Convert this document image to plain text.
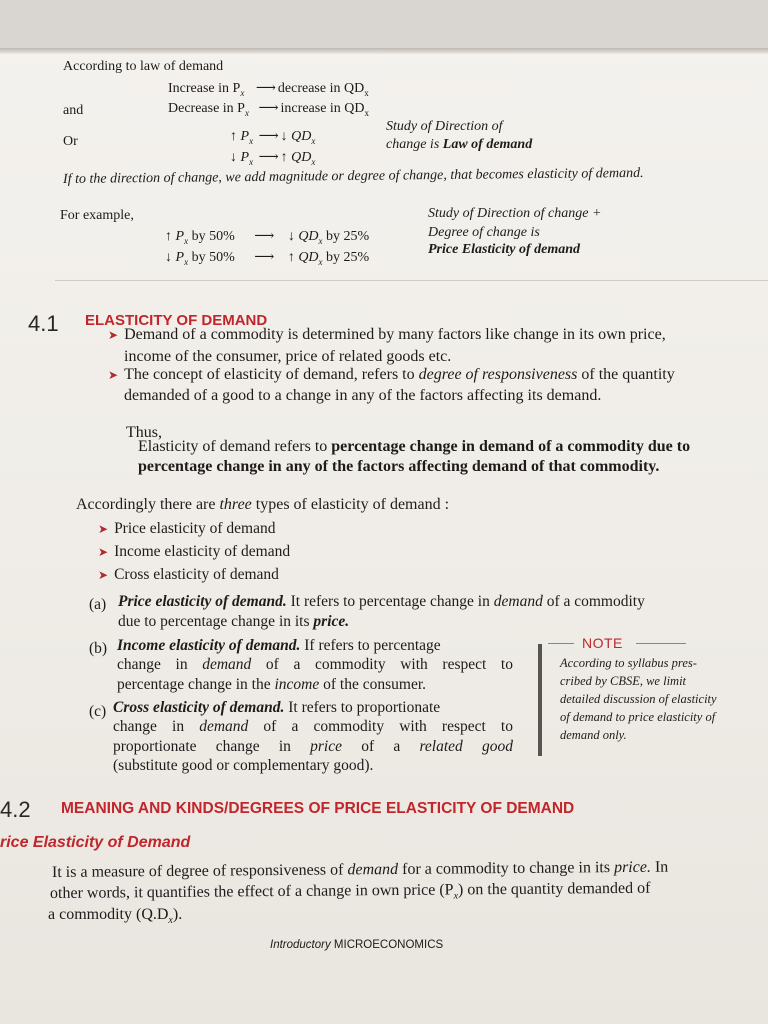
According to law of demand
Increase in $P_x$ ⟶ decrease in $QD_x$
and	Decrease in $P_x$ ⟶ increase in $QD_x$
Or	↑ $P_x$ ⟶ ↓ $QD_x$
↓ $P_x$ ⟶ ↑ $QD_x$
Study of Direction of
change is Law of demand
If to the direction of change, we add magnitude or degree of change, that becomes elasticity of demand.
For example,
↑ $P_x$ by 50% ⟶ ↓ $QD_x$ by 25%
↓ $P_x$ by 50% ⟶ ↑ $QD_x$ by 25%
Study of Direction of change +
Degree of change is
Price Elasticity of demand
4.1 ELASTICITY OF DEMAND
➤ Demand of a commodity is determined by many factors like change in its own price,
income of the consumer, price of related goods etc.
➤ The concept of elasticity of demand, refers to degree of responsiveness of the quantity
demanded of a good to a change in any of the factors affecting its demand.
Thus,
Elasticity of demand refers to percentage change in demand of a commodity due to
percentage change in any of the factors affecting demand of that commodity.
Accordingly there are three types of elasticity of demand :
➤ Price elasticity of demand
➤ Income elasticity of demand
➤ Cross elasticity of demand
(a) Price elasticity of demand. It refers to percentage change in demand of a commodity
due to percentage change in its price.
(b) Income elasticity of demand. If refers to percentage
change in demand of a commodity with respect to
percentage change in the income of the consumer.
(c) Cross elasticity of demand. It refers to proportionate
change in demand of a commodity with respect to
proportionate change in price of a related good
(substitute good or complementary good).
NOTE
According to syllabus pres-
cribed by CBSE, we limit
detailed discussion of elasticity
of demand to price elasticity of
demand only.
4.2 MEANING AND KINDS/DEGREES OF PRICE ELASTICITY OF DEMAND
rice Elasticity of Demand
It is a measure of degree of responsiveness of demand for a commodity to change in its price. In
other words, it quantifies the effect of a change in own price $(P_x)$ on the quantity demanded of
a commodity $(Q.D_x)$.
Introductory MICROECONOMICS
